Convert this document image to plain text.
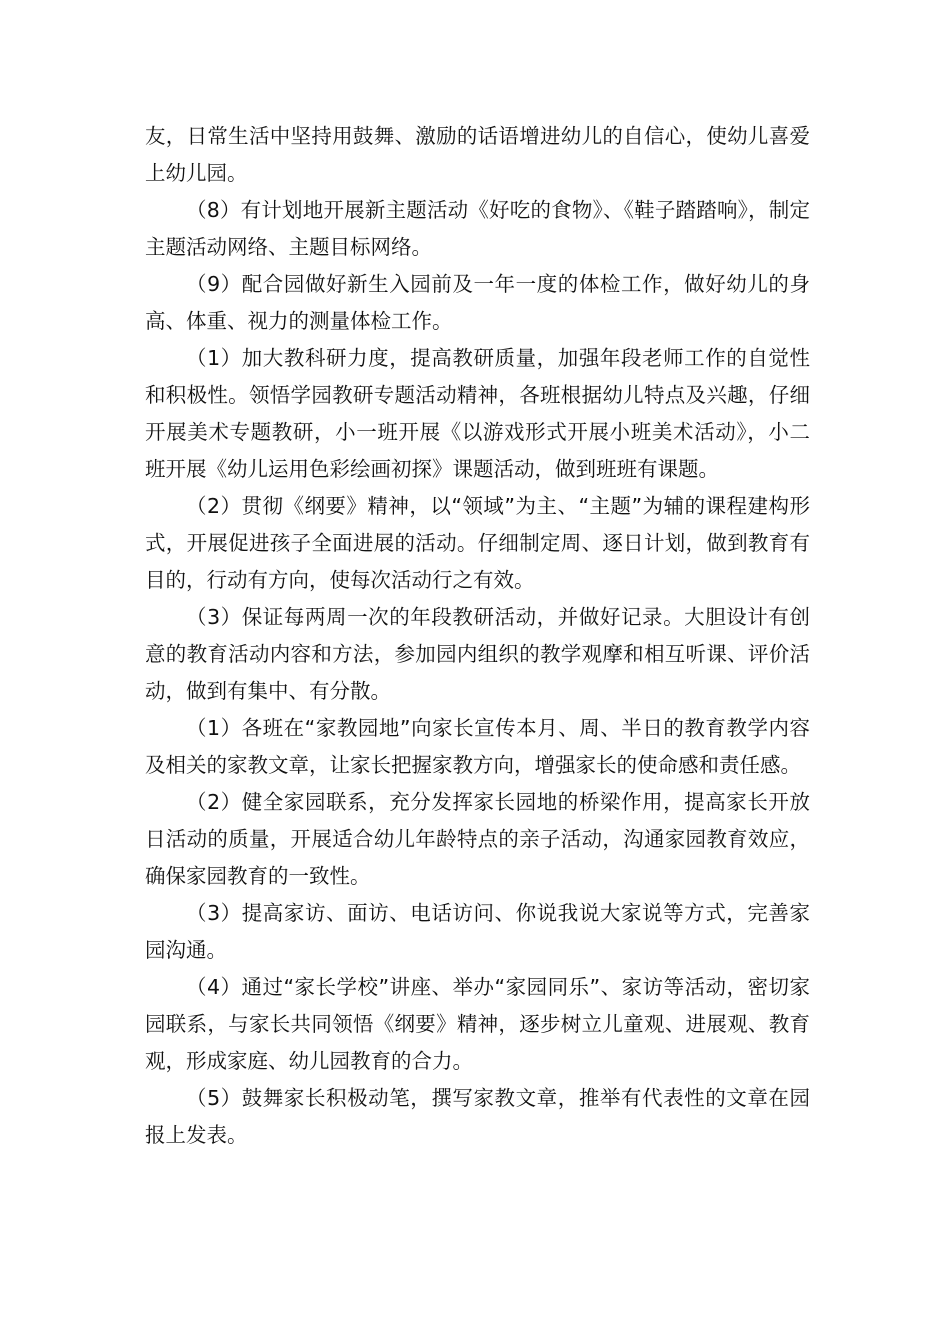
友，日常生活中坚持用鼓舞、激励的话语增进幼儿的自信心，使幼儿喜爱上幼儿园。

（8）有计划地开展新主题活动《好吃的食物》、《鞋子踏踏响》，制定主题活动网络、主题目标网络。

（9）配合园做好新生入园前及一年一度的体检工作，做好幼儿的身高、体重、视力的测量体检工作。

（1）加大教科研力度，提高教研质量，加强年段老师工作的自觉性和积极性。领悟学园教研专题活动精神，各班根据幼儿特点及兴趣，仔细开展美术专题教研，小一班开展《以游戏形式开展小班美术活动》，小二班开展《幼儿运用色彩绘画初探》课题活动，做到班班有课题。

（2）贯彻《纲要》精神，以“领域”为主、“主题”为辅的课程建构形式，开展促进孩子全面进展的活动。仔细制定周、逐日计划，做到教育有目的，行动有方向，使每次活动行之有效。

（3）保证每两周一次的年段教研活动，并做好记录。大胆设计有创意的教育活动内容和方法，参加园内组织的教学观摩和相互听课、评价活动，做到有集中、有分散。

（1）各班在“家教园地”向家长宣传本月、周、半日的教育教学内容及相关的家教文章，让家长把握家教方向，增强家长的使命感和责任感。

（2）健全家园联系，充分发挥家长园地的桥梁作用，提高家长开放日活动的质量，开展适合幼儿年龄特点的亲子活动，沟通家园教育效应，确保家园教育的一致性。

（3）提高家访、面访、电话访问、你说我说大家说等方式，完善家园沟通。

（4）通过“家长学校”讲座、举办“家园同乐”、家访等活动，密切家园联系，与家长共同领悟《纲要》精神，逐步树立儿童观、进展观、教育观，形成家庭、幼儿园教育的合力。

（5）鼓舞家长积极动笔，撰写家教文章，推举有代表性的文章在园报上发表。
